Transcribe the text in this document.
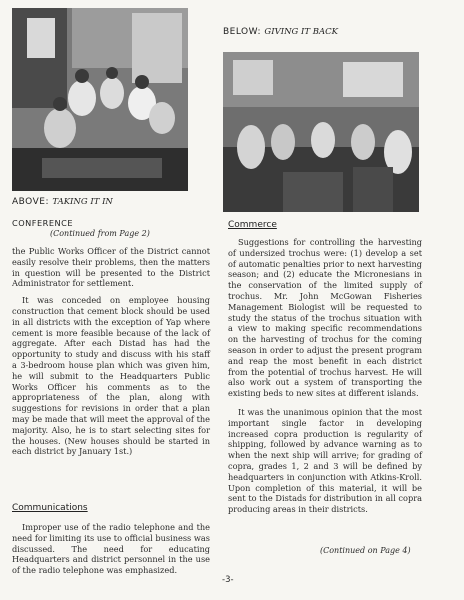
ABOVE: TAKING IT IN
BELOW: GIVING IT BACK
CONFERENCE
(Continued from Page 2)

the Public Works Officer of the District cannot easily resolve their problems, then the matters in question will be presented to the District Administrator for settlement.

It was conceded on employee housing construction that cement block should be used in all districts with the exception of Yap where cement is more feasible because of the lack of aggregate. After each Distad has had the opportunity to study and discuss with his staff a 3-bedroom house plan which was given him, he will submit to the Headquarters Public Works Officer his comments as to the appropriateness of the plan, along with suggestions for revisions in order that a plan may be made that will meet the approval of the majority. Also, he is to start selecting sites for the houses. (New houses should be started in each district by January 1st.)

Communications

Improper use of the radio telephone and the need for limiting its use to official business was discussed. The need for educating Headquarters and district personnel in the use of the radio telephone was emphasized.

Commerce

Suggestions for controlling the harvesting of undersized trochus were: (1) develop a set of automatic penalties prior to next harvesting season; and (2) educate the Micronesians in the conservation of the limited supply of trochus. Mr. John McGowan Fisheries Management Biologist will be requested to study the status of the trochus situation with a view to making specific recommendations on the harvesting of trochus for the coming season in order to adjust the present program and reap the most benefit in each district from the potential of trochus harvest. He will also work out a system of transporting the existing beds to new sites at different islands.

It was the unanimous opinion that the most important single factor in developing increased copra production is regularity of shipping, followed by advance warning as to when the next ship will arrive; for grading of copra, grades 1, 2 and 3 will be defined by headquarters in conjunction with Atkins-Kroll. Upon completion of this material, it will be sent to the Distads for distribution in all copra producing areas in their districts.

(Continued on Page 4)
-3-
